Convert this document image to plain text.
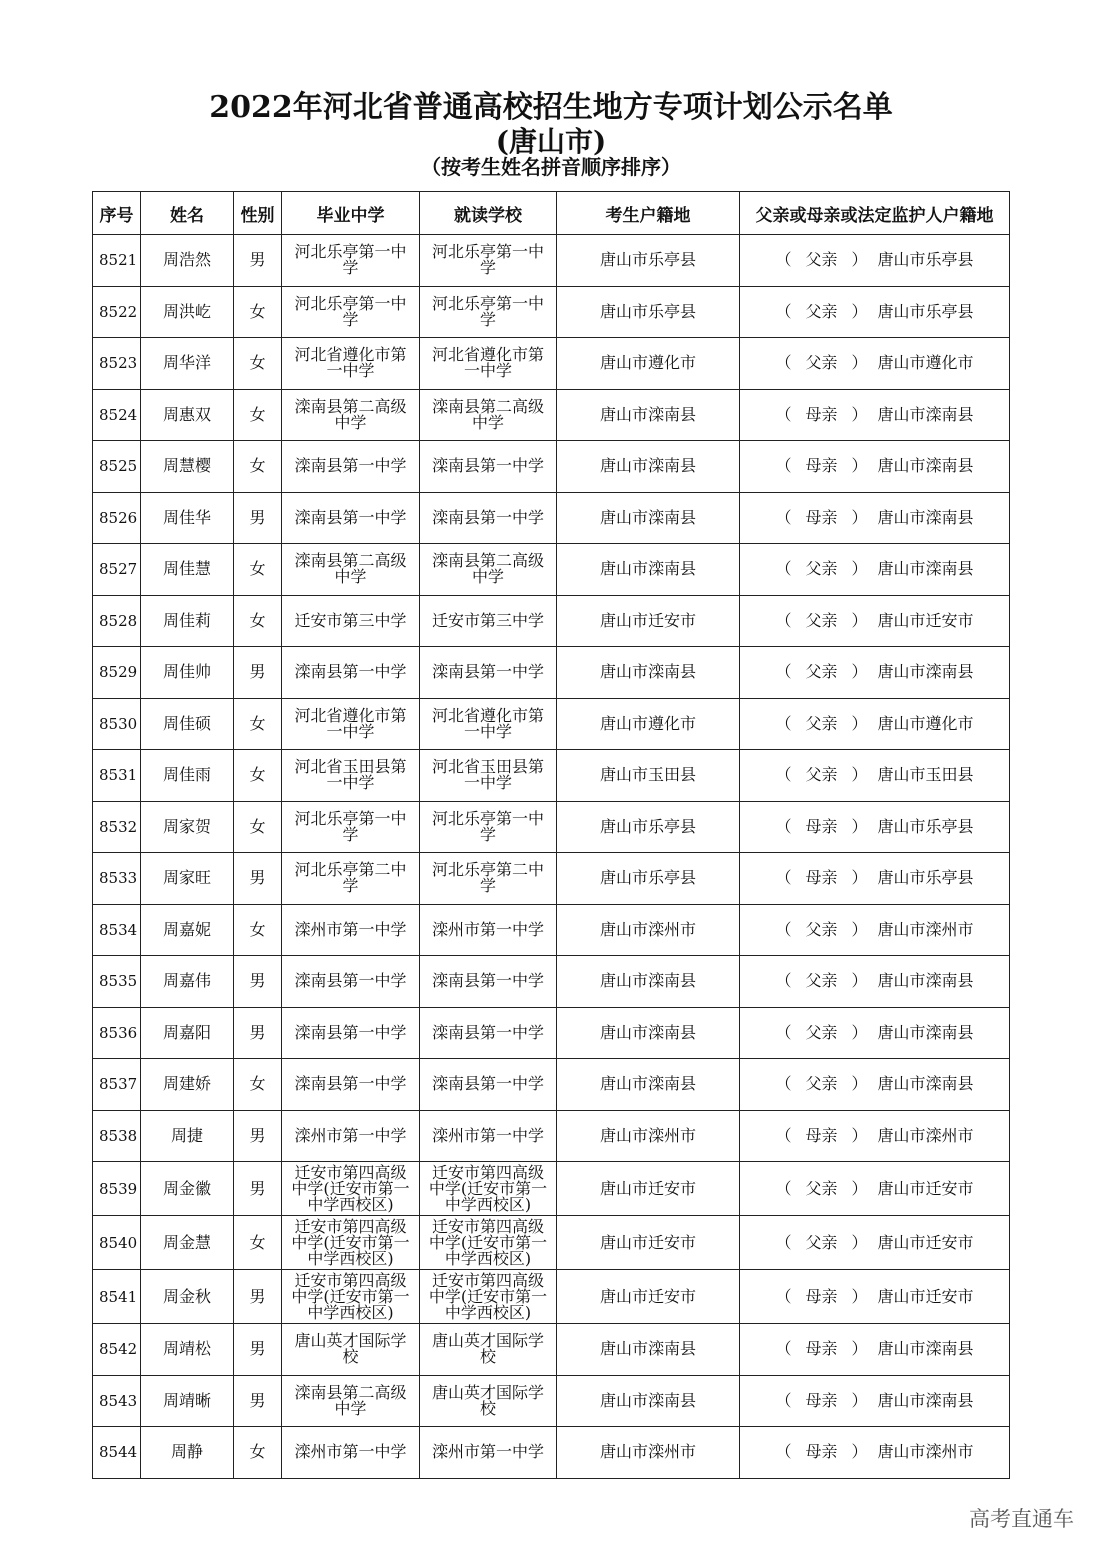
2022年河北省普通高校招生地方专项计划公示名单
(唐山市)
（按考生姓名拼音顺序排序）
序号	姓名	性别	毕业中学	就读学校	考生户籍地	父亲或母亲或法定监护人户籍地
8521	周浩然	男	河北乐亭第一中学	河北乐亭第一中学	唐山市乐亭县	（ 父亲 ） 唐山市乐亭县
8522	周洪屹	女	河北乐亭第一中学	河北乐亭第一中学	唐山市乐亭县	（ 父亲 ） 唐山市乐亭县
8523	周华洋	女	河北省遵化市第一中学	河北省遵化市第一中学	唐山市遵化市	（ 父亲 ） 唐山市遵化市
8524	周惠双	女	滦南县第二高级中学	滦南县第二高级中学	唐山市滦南县	（ 母亲 ） 唐山市滦南县
8525	周慧樱	女	滦南县第一中学	滦南县第一中学	唐山市滦南县	（ 母亲 ） 唐山市滦南县
8526	周佳华	男	滦南县第一中学	滦南县第一中学	唐山市滦南县	（ 母亲 ） 唐山市滦南县
8527	周佳慧	女	滦南县第二高级中学	滦南县第二高级中学	唐山市滦南县	（ 父亲 ） 唐山市滦南县
8528	周佳莉	女	迁安市第三中学	迁安市第三中学	唐山市迁安市	（ 父亲 ） 唐山市迁安市
8529	周佳帅	男	滦南县第一中学	滦南县第一中学	唐山市滦南县	（ 父亲 ） 唐山市滦南县
8530	周佳硕	女	河北省遵化市第一中学	河北省遵化市第一中学	唐山市遵化市	（ 父亲 ） 唐山市遵化市
8531	周佳雨	女	河北省玉田县第一中学	河北省玉田县第一中学	唐山市玉田县	（ 父亲 ） 唐山市玉田县
8532	周家贺	女	河北乐亭第一中学	河北乐亭第一中学	唐山市乐亭县	（ 母亲 ） 唐山市乐亭县
8533	周家旺	男	河北乐亭第二中学	河北乐亭第二中学	唐山市乐亭县	（ 母亲 ） 唐山市乐亭县
8534	周嘉妮	女	滦州市第一中学	滦州市第一中学	唐山市滦州市	（ 父亲 ） 唐山市滦州市
8535	周嘉伟	男	滦南县第一中学	滦南县第一中学	唐山市滦南县	（ 父亲 ） 唐山市滦南县
8536	周嘉阳	男	滦南县第一中学	滦南县第一中学	唐山市滦南县	（ 父亲 ） 唐山市滦南县
8537	周建娇	女	滦南县第一中学	滦南县第一中学	唐山市滦南县	（ 父亲 ） 唐山市滦南县
8538	周捷	男	滦州市第一中学	滦州市第一中学	唐山市滦州市	（ 母亲 ） 唐山市滦州市
8539	周金徽	男	迁安市第四高级中学(迁安市第一中学西校区)	迁安市第四高级中学(迁安市第一中学西校区)	唐山市迁安市	（ 父亲 ） 唐山市迁安市
8540	周金慧	女	迁安市第四高级中学(迁安市第一中学西校区)	迁安市第四高级中学(迁安市第一中学西校区)	唐山市迁安市	（ 父亲 ） 唐山市迁安市
8541	周金秋	男	迁安市第四高级中学(迁安市第一中学西校区)	迁安市第四高级中学(迁安市第一中学西校区)	唐山市迁安市	（ 母亲 ） 唐山市迁安市
8542	周靖松	男	唐山英才国际学校	唐山英才国际学校	唐山市滦南县	（ 母亲 ） 唐山市滦南县
8543	周靖晰	男	滦南县第二高级中学	唐山英才国际学校	唐山市滦南县	（ 母亲 ） 唐山市滦南县
8544	周静	女	滦州市第一中学	滦州市第一中学	唐山市滦州市	（ 母亲 ） 唐山市滦州市
高考直通车
